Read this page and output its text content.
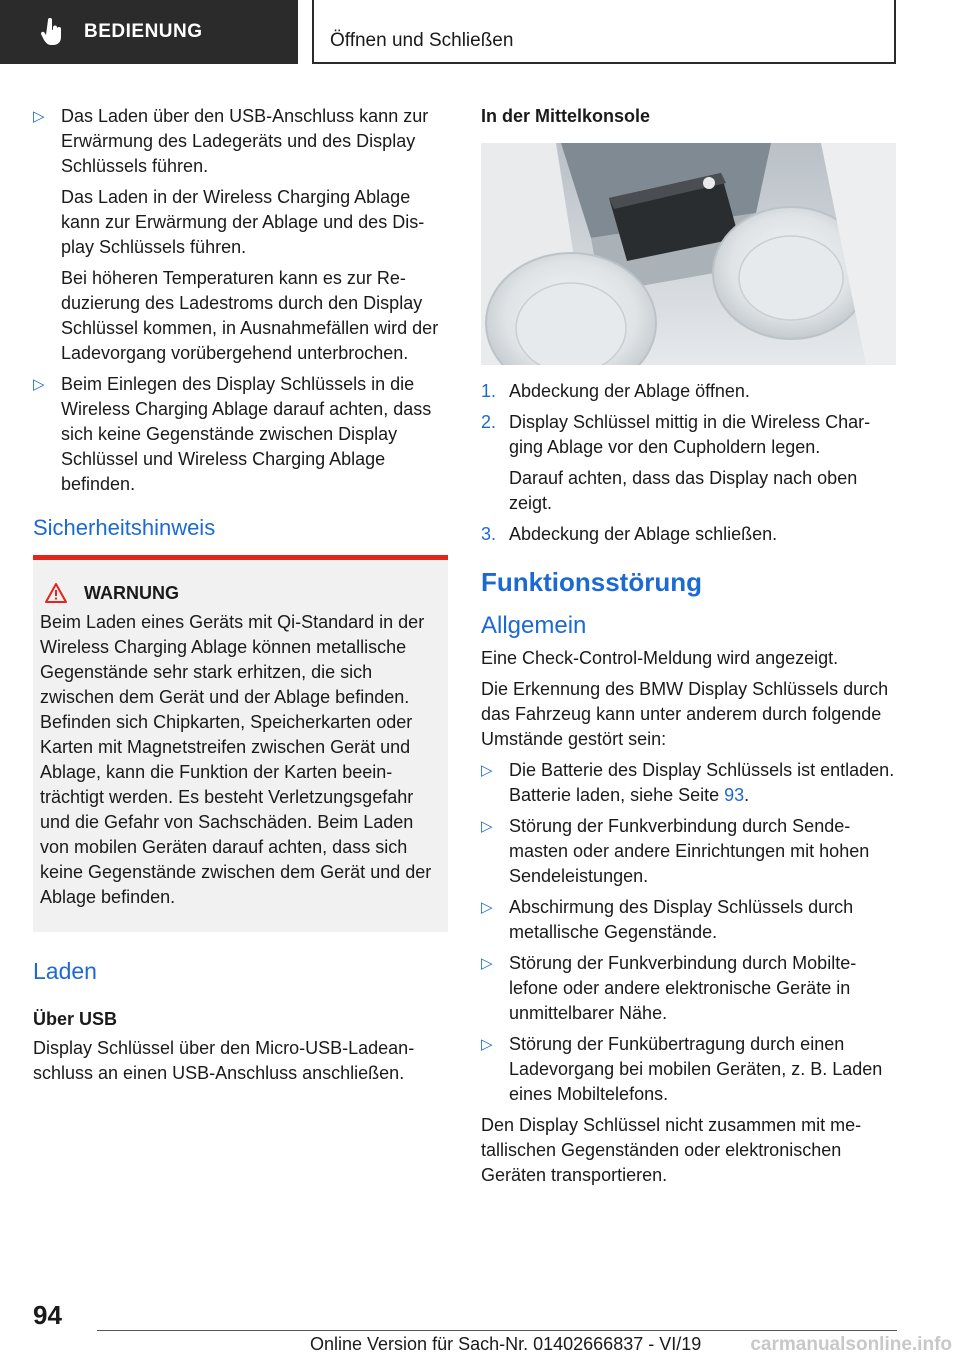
BEDIENUNG	Öffnen und Schließen
▷ Das Laden über den USB-Anschluss kann zur Erwärmung des Ladegeräts und des Display Schlüssels führen.

Das Laden in der Wireless Charging Ablage kann zur Erwärmung der Ablage und des Display Schlüssels führen.

Bei höheren Temperaturen kann es zur Reduzierung des Ladestroms durch den Display Schlüssel kommen, in Ausnahmefällen wird der Ladevorgang vorübergehend unterbrochen.

▷ Beim Einlegen des Display Schlüssels in die Wireless Charging Ablage darauf achten, dass sich keine Gegenstände zwischen Display Schlüssel und Wireless Charging Ablage befinden.

Sicherheitshinweis
WARNUNG

Beim Laden eines Geräts mit Qi-Standard in der Wireless Charging Ablage können metallische Gegenstände sehr stark erhitzen, die sich zwischen dem Gerät und der Ablage befinden. Befinden sich Chipkarten, Speicherkarten oder Karten mit Magnetstreifen zwischen Gerät und Ablage, kann die Funktion der Karten beeinträchtigt werden. Es besteht Verletzungsgefahr und die Gefahr von Sachschäden. Beim Laden von mobilen Geräten darauf achten, dass sich keine Gegenstände zwischen dem Gerät und der Ablage befinden.

Laden
Über USB

Display Schlüssel über den Micro-USB-Ladeanschluss an einen USB-Anschluss anschließen.

In der Mittelkonsole
1. Abdeckung der Ablage öffnen.

2. Display Schlüssel mittig in die Wireless Charging Ablage vor den Cupholdern legen.

Darauf achten, dass das Display nach oben zeigt.

3. Abdeckung der Ablage schließen.

Funktionsstörung
Allgemein

Eine Check-Control-Meldung wird angezeigt.

Die Erkennung des BMW Display Schlüssels durch das Fahrzeug kann unter anderem durch folgende Umstände gestört sein:

▷ Die Batterie des Display Schlüssels ist entladen. Batterie laden, siehe Seite 93.

▷ Störung der Funkverbindung durch Sendemasten oder andere Einrichtungen mit hohen Sendeleistungen.

▷ Abschirmung des Display Schlüssels durch metallische Gegenstände.

▷ Störung der Funkverbindung durch Mobiltelefone oder andere elektronische Geräte in unmittelbarer Nähe.

▷ Störung der Funkübertragung durch einen Ladevorgang bei mobilen Geräten, z. B. Laden eines Mobiltelefons.

Den Display Schlüssel nicht zusammen mit metallischen Gegenständen oder elektronischen Geräten transportieren.

94
Online Version für Sach-Nr. 01402666837 - VI/19	carmanualsonline.info
